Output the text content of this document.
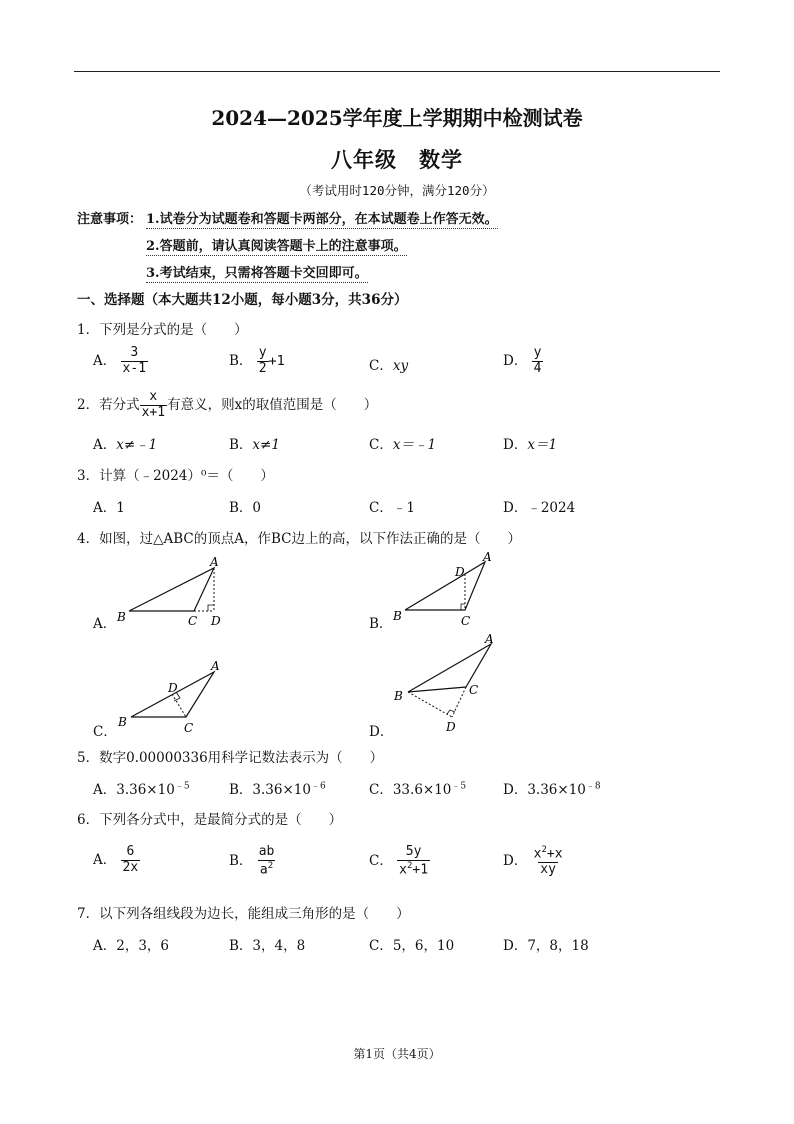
2024—2025学年度上学期期中检测试卷
八年级　数学
（考试用时120分钟，满分120分）
注意事项： 1.试卷分为试题卷和答题卡两部分，在本试题卷上作答无效。
2.答题前，请认真阅读答题卡上的注意事项。
3.考试结束，只需将答题卡交回即可。
一、选择题（本大题共12小题，每小题3分，共36分）
1．下列是分式的是（　　）
A． $\frac{3}{x-1}$	B． $\frac{y}{2} +1$	C．xy	D． $\frac{y}{4}$
2．若分式 $\frac{x}{x+1}$ 有意义，则x的取值范围是（　　）
A．x≠﹣1	B．x≠1	C．x＝﹣1	D．x＝1
3．计算（﹣2024）⁰＝（　　）
A．1	B．0	C．﹣1	D．﹣2024
4．如图，过△ABC的顶点A，作BC边上的高，以下作法正确的是（　　）
A．	B．
C．	D．
A
B	C D
A
B	C
D
A
B	C
D
A
B	C
D
5．数字0.00000336用科学记数法表示为（　　）
A．$3.36\times 10^{﹣5}$	B．$3.36\times 10^{﹣6}$	C．$33.6\times 10^{﹣5}$	D．$3.36\times 10^{﹣8}$
6．下列各分式中，是最简分式的是（　　）
A． $\frac{6}{2x}$	B． $\frac{ab}{a^2}$	C． $\frac{5y}{x^2+1}$	D． $\frac{x^2+x}{xy}$
7．以下列各组线段为边长，能组成三角形的是（　　）
A．2，3，6	B．3，4，8	C．5，6，10	D．7，8，18
第1页（共4页）
